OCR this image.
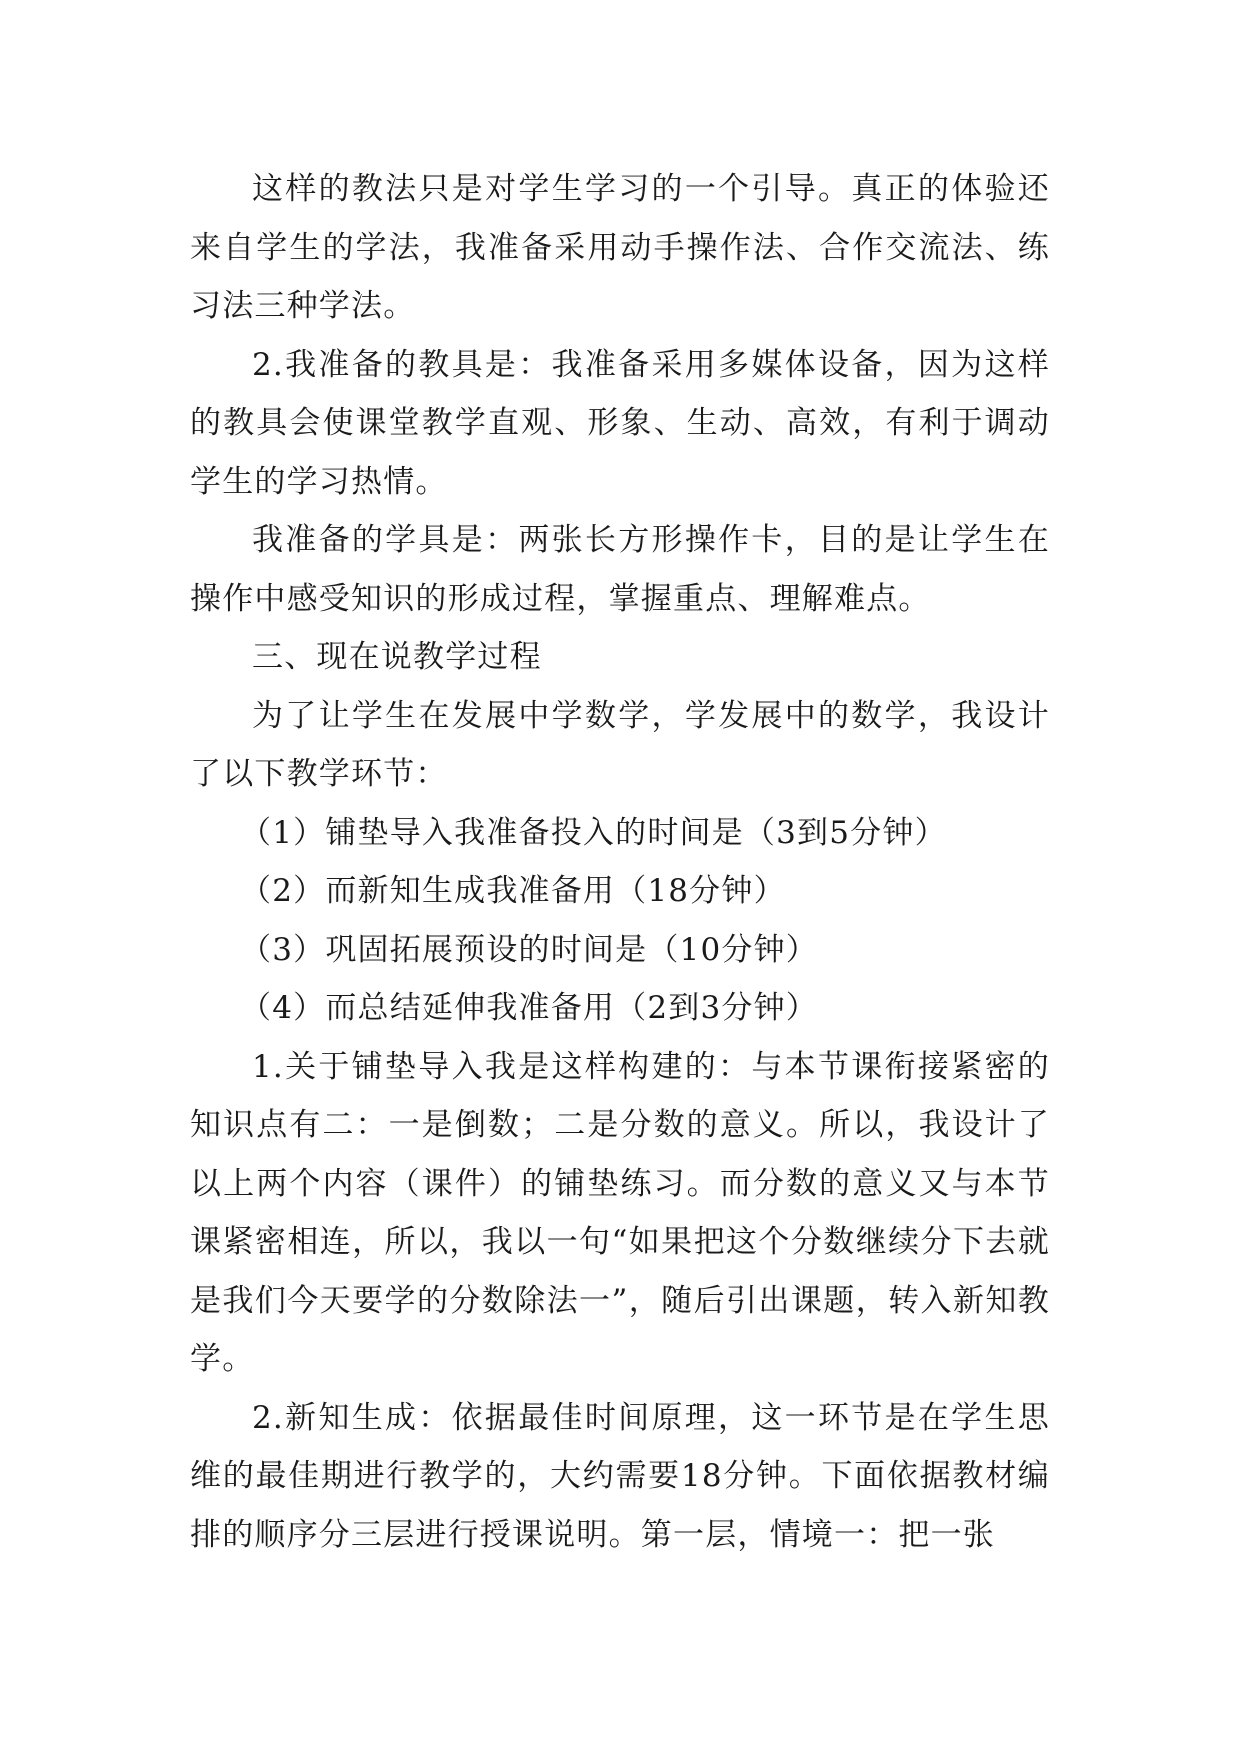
这样的教法只是对学生学习的一个引导。真正的体验还来自学生的学法，我准备采用动手操作法、合作交流法、练习法三种学法。

2.我准备的教具是：我准备采用多媒体设备，因为这样的教具会使课堂教学直观、形象、生动、高效，有利于调动学生的学习热情。

我准备的学具是：两张长方形操作卡，目的是让学生在操作中感受知识的形成过程，掌握重点、理解难点。

三、现在说教学过程

为了让学生在发展中学数学，学发展中的数学，我设计了以下教学环节：

（1）铺垫导入我准备投入的时间是（3到5分钟）

（2）而新知生成我准备用（18分钟）

（3）巩固拓展预设的时间是（10分钟）

（4）而总结延伸我准备用（2到3分钟）

1.关于铺垫导入我是这样构建的：与本节课衔接紧密的知识点有二：一是倒数；二是分数的意义。所以，我设计了以上两个内容（课件）的铺垫练习。而分数的意义又与本节课紧密相连，所以，我以一句“如果把这个分数继续分下去就是我们今天要学的分数除法一”，随后引出课题，转入新知教学。

2.新知生成：依据最佳时间原理，这一环节是在学生思维的最佳期进行教学的，大约需要18分钟。下面依据教材编排的顺序分三层进行授课说明。第一层，情境一：把一张
